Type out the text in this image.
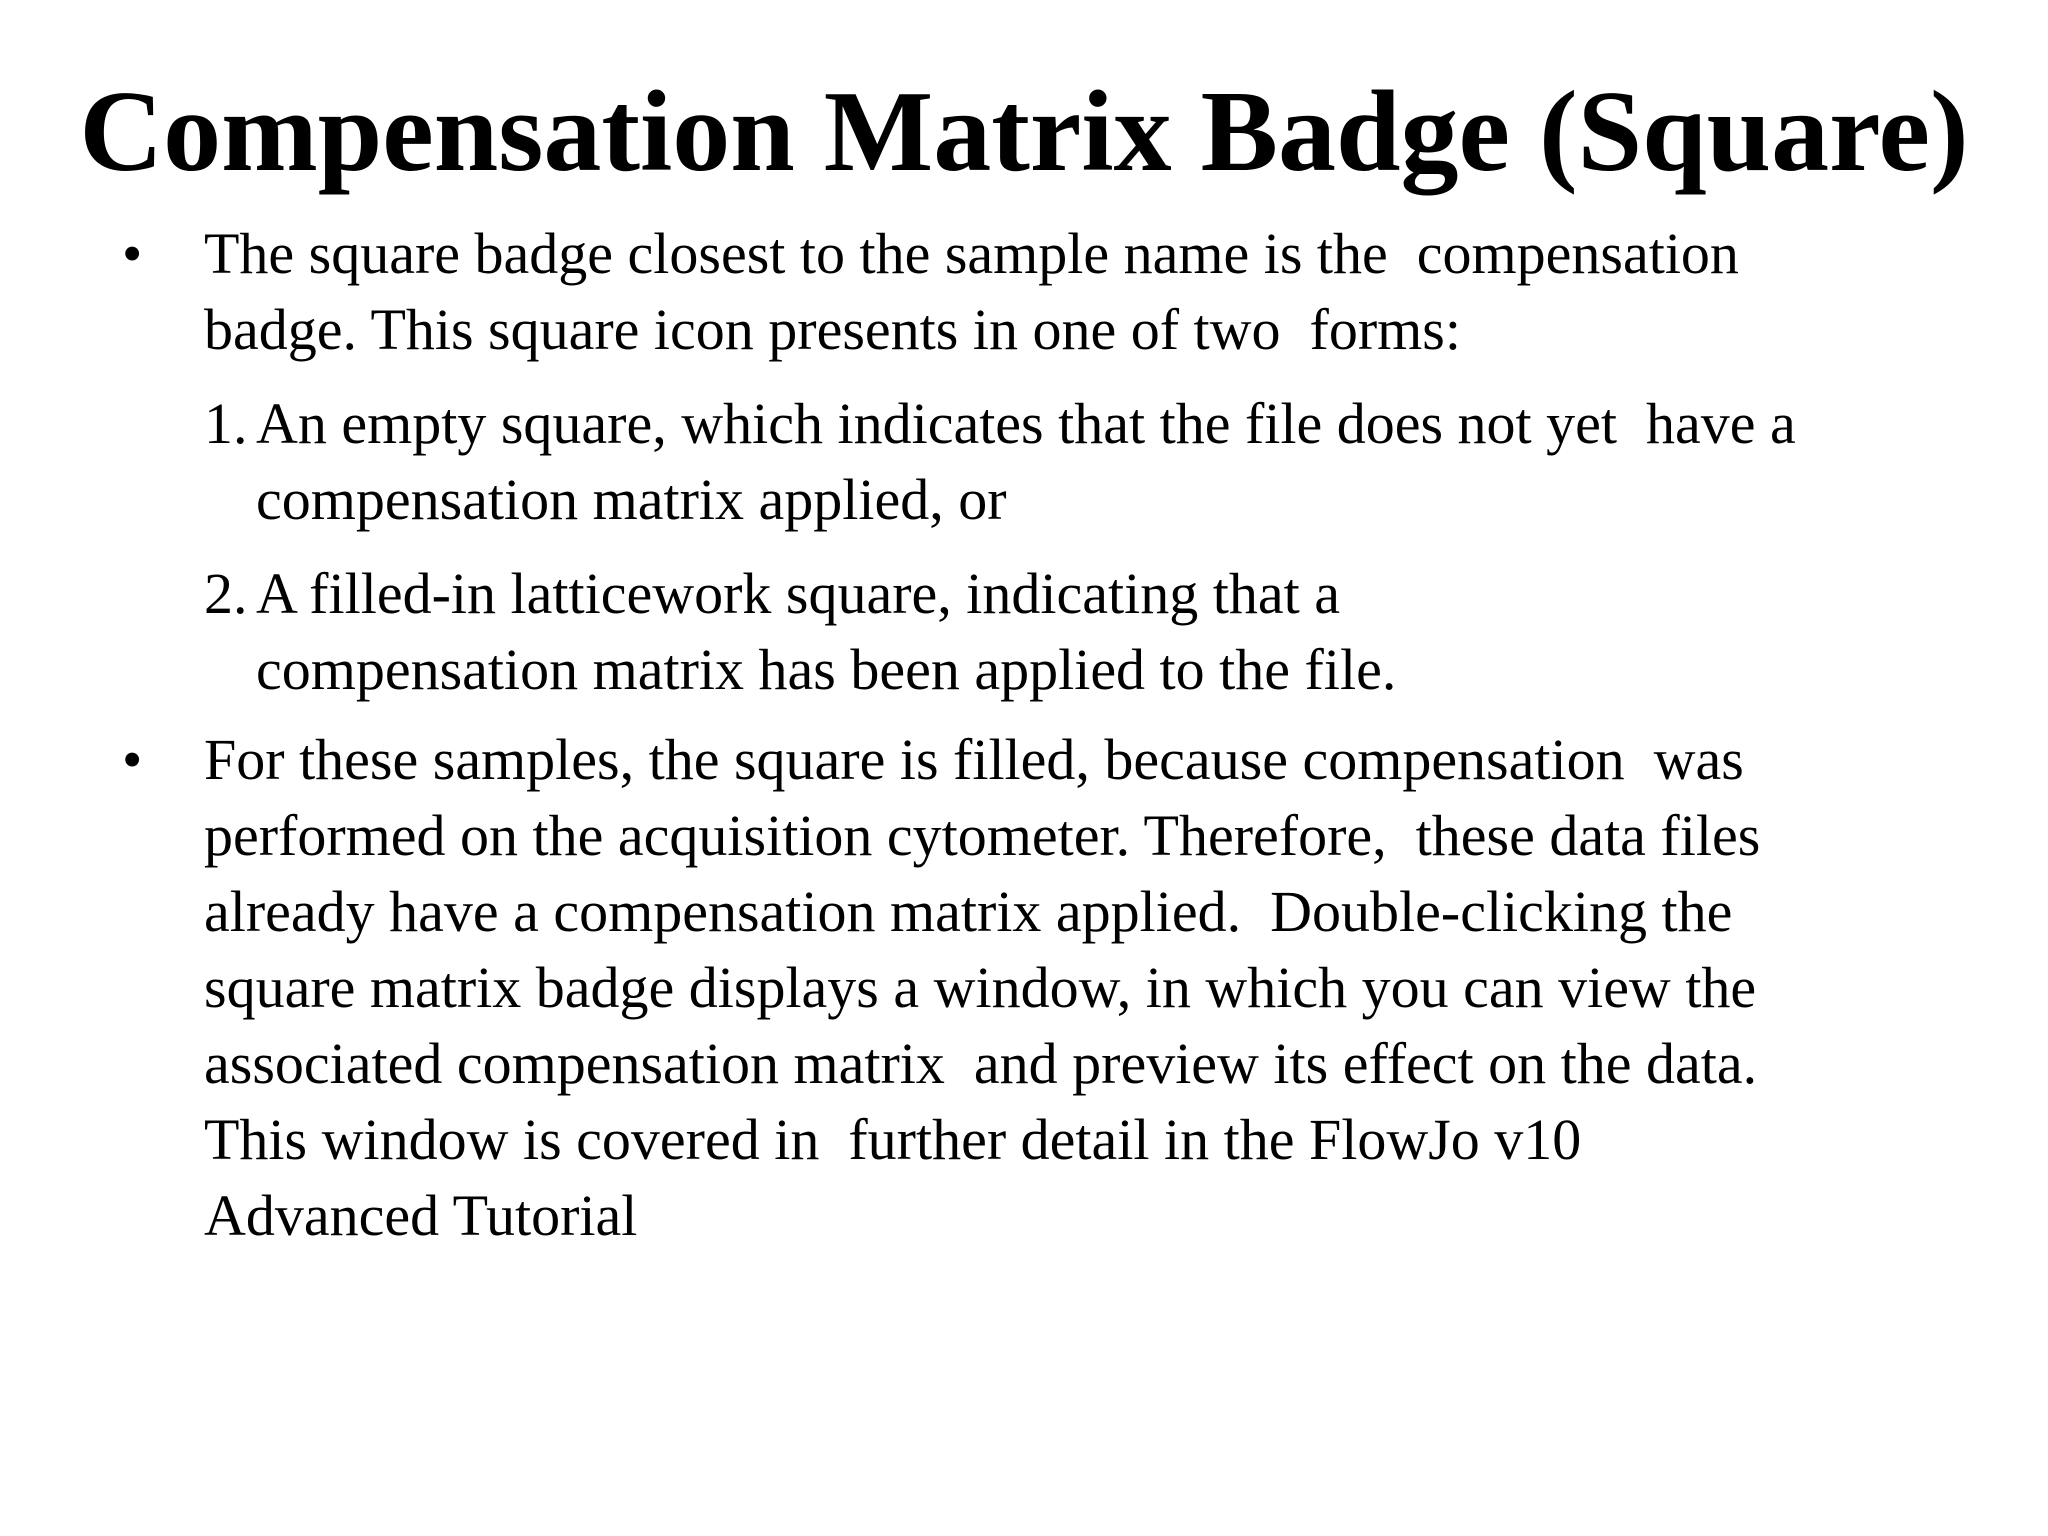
Compensation Matrix Badge (Square)
• The square badge closest to the sample name is the  compensation
badge. This square icon presents in one of two  forms:
1. An empty square, which indicates that the file does not yet  have a
compensation matrix applied, or
2. A filled-in latticework square, indicating that a
compensation matrix has been applied to the file.
• For these samples, the square is filled, because compensation  was
performed on the acquisition cytometer. Therefore,  these data files
already have a compensation matrix applied.  Double-clicking the
square matrix badge displays a window, in which you can view the
associated compensation matrix  and preview its effect on the data.
This window is covered in  further detail in the FlowJo v10
Advanced Tutorial
